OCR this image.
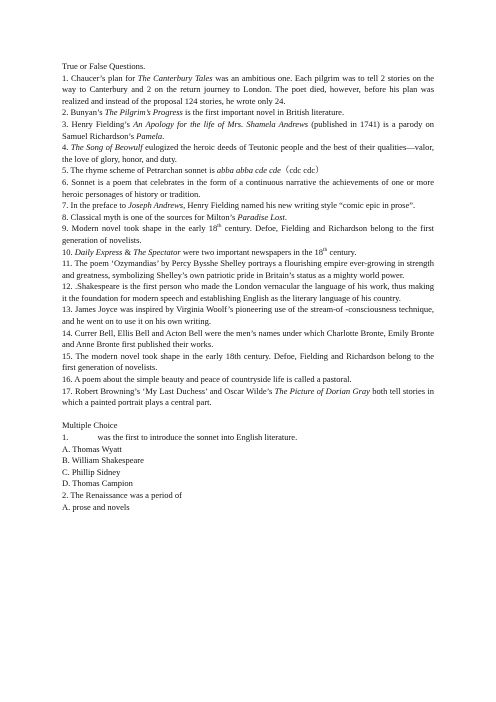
True or False Questions.

1. Chaucer’s plan for The Canterbury Tales was an ambitious one. Each pilgrim was to tell 2 stories on the way to Canterbury and 2 on the return journey to London. The poet died, however, before his plan was realized and instead of the proposal 124 stories, he wrote only 24.

2. Bunyan’s The Pilgrim’s Progress is the first important novel in British literature.

3. Henry Fielding’s An Apology for the life of Mrs. Shamela Andrews (published in 1741) is a parody on Samuel Richardson’s Pamela.

4. The Song of Beowulf eulogized the heroic deeds of Teutonic people and the best of their qualities—valor, the love of glory, honor, and duty.

5. The rhyme scheme of Petrarchan sonnet is abba abba cde cde（cdc cdc）

6. Sonnet is a poem that celebrates in the form of a continuous narrative the achievements of one or more heroic personages of history or tradition.

7. In the preface to Joseph Andrews, Henry Fielding named his new writing style “comic epic in prose”.

8. Classical myth is one of the sources for Milton’s Paradise Lost.

9. Modern novel took shape in the early 18th century. Defoe, Fielding and Richardson belong to the first generation of novelists.

10. Daily Express & The Spectator were two important newspapers in the 18th century.

11. The poem ‘Ozymandias’ by Percy Bysshe Shelley portrays a flourishing empire ever-growing in strength and greatness, symbolizing Shelley’s own patriotic pride in Britain’s status as a mighty world power.

12. .Shakespeare is the first person who made the London vernacular the language of his work, thus making it the foundation for modern speech and establishing English as the literary language of his country.

13. James Joyce was inspired by Virginia Woolf’s pioneering use of the stream-of -consciousness technique, and he went on to use it on his own writing.

14. Currer Bell, Ellis Bell and Acton Bell were the men’s names under which Charlotte Bronte, Emily Bronte and Anne Bronte first published their works.

15. The modern novel took shape in the early 18th century. Defoe, Fielding and Richardson belong to the first generation of novelists.

16. A poem about the simple beauty and peace of countryside life is called a pastoral.

17. Robert Browning’s ‘My Last Duchess’ and Oscar Wilde’s The Picture of Dorian Gray both tell stories in which a painted portrait plays a central part.

Multiple Choice

1.	was the first to introduce the sonnet into English literature.

A. Thomas Wyatt

B. William Shakespeare

C. Phillip Sidney

D. Thomas Campion

2. The Renaissance was a period of

A. prose and novels
